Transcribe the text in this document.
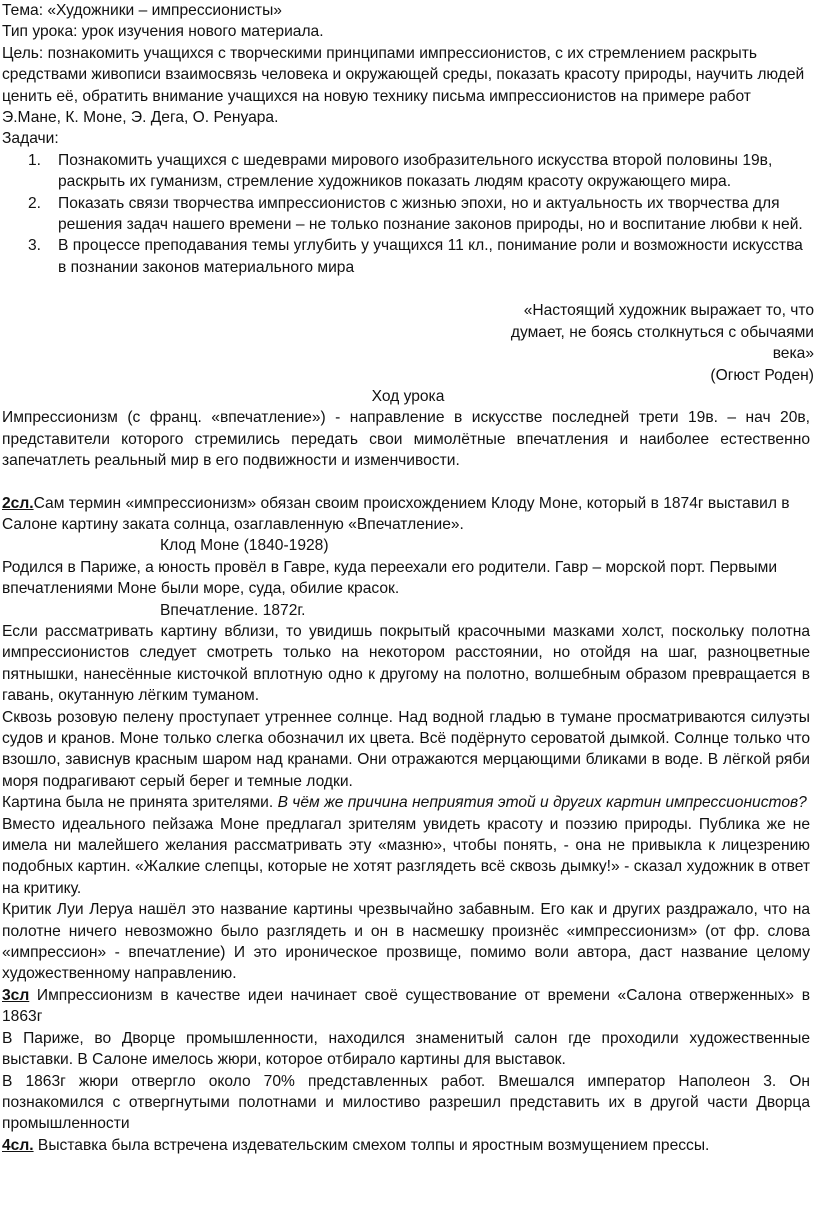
Тема: «Художники – импрессионисты»

Тип урока: урок изучения нового материала.

Цель: познакомить учащихся с творческими принципами импрессионистов, с их стремлением раскрыть средствами живописи взаимосвязь человека и окружающей среды, показать красоту природы, научить людей ценить её, обратить внимание учащихся на новую технику письма импрессионистов на примере работ Э.Мане, К. Моне, Э. Дега, О. Ренуара.

Задачи:

1. Познакомить учащихся с шедеврами мирового изобразительного искусства второй половины 19в, раскрыть их гуманизм, стремление художников показать людям красоту окружающего мира.
2. Показать связи творчества импрессионистов с жизнью эпохи, но и актуальность их творчества для решения задач нашего времени – не только познание законов природы, но и воспитание любви к ней.
3. В процессе преподавания темы углубить у учащихся 11 кл., понимание роли и возможности искусства в познании законов материального мира
«Настоящий художник выражает то, что
думает, не боясь столкнуться с обычаями
века»
(Огюст Роден)
Ход урока

Импрессионизм (с франц. «впечатление») - направление в искусстве последней трети 19в. – нач 20в, представители которого стремились передать свои мимолётные впечатления и наиболее естественно запечатлеть реальный мир в его подвижности и изменчивости.

2сл.Сам термин «импрессионизм» обязан своим происхождением Клоду Моне, который в 1874г выставил в Салоне картину заката солнца, озаглавленную «Впечатление».

Клод Моне (1840-1928)

Родился в Париже, а юность провёл в Гавре, куда переехали его родители. Гавр – морской порт. Первыми впечатлениями Моне были море, суда, обилие красок.

Впечатление. 1872г.

Если рассматривать картину вблизи, то увидишь покрытый красочными мазками холст, поскольку полотна импрессионистов следует смотреть только на некотором расстоянии, но отойдя на шаг, разноцветные пятнышки, нанесённые кисточкой вплотную одно к другому на полотно, волшебным образом превращается в гавань, окутанную лёгким туманом.

Сквозь розовую пелену проступает утреннее солнце. Над водной гладью в тумане просматриваются силуэты судов и кранов. Моне только слегка обозначил их цвета. Всё подёрнуто сероватой дымкой. Солнце только что взошло, зависнув красным шаром над кранами. Они отражаются мерцающими бликами в воде. В лёгкой ряби моря подрагивают серый берег и темные лодки.

Картина была не принята зрителями. В чём же причина неприятия этой и других картин импрессионистов?

Вместо идеального пейзажа Моне предлагал зрителям увидеть красоту и поэзию природы. Публика же не имела ни малейшего желания рассматривать эту «мазню», чтобы понять, - она не привыкла к лицезрению подобных картин. «Жалкие слепцы, которые не хотят разглядеть всё сквозь дымку!» - сказал художник в ответ на критику.

Критик Луи Леруа нашёл это название картины чрезвычайно забавным. Его как и других раздражало, что на полотне ничего невозможно было разглядеть и он в насмешку произнёс «импрессионизм» (от фр. слова «импрессион» - впечатление) И это ироническое прозвище, помимо воли автора, даст название целому художественному направлению.

3сл Импрессионизм в качестве идеи начинает своё существование от времени «Салона отверженных» в 1863г

В Париже, во Дворце промышленности, находился знаменитый салон где проходили художественные выставки. В Салоне имелось жюри, которое отбирало картины для выставок.

В 1863г жюри отвергло около 70% представленных работ. Вмешался император Наполеон 3. Он познакомился с отвергнутыми полотнами и милостиво разрешил представить их в другой части Дворца промышленности

4сл. Выставка была встречена издевательским смехом толпы и яростным возмущением прессы.
